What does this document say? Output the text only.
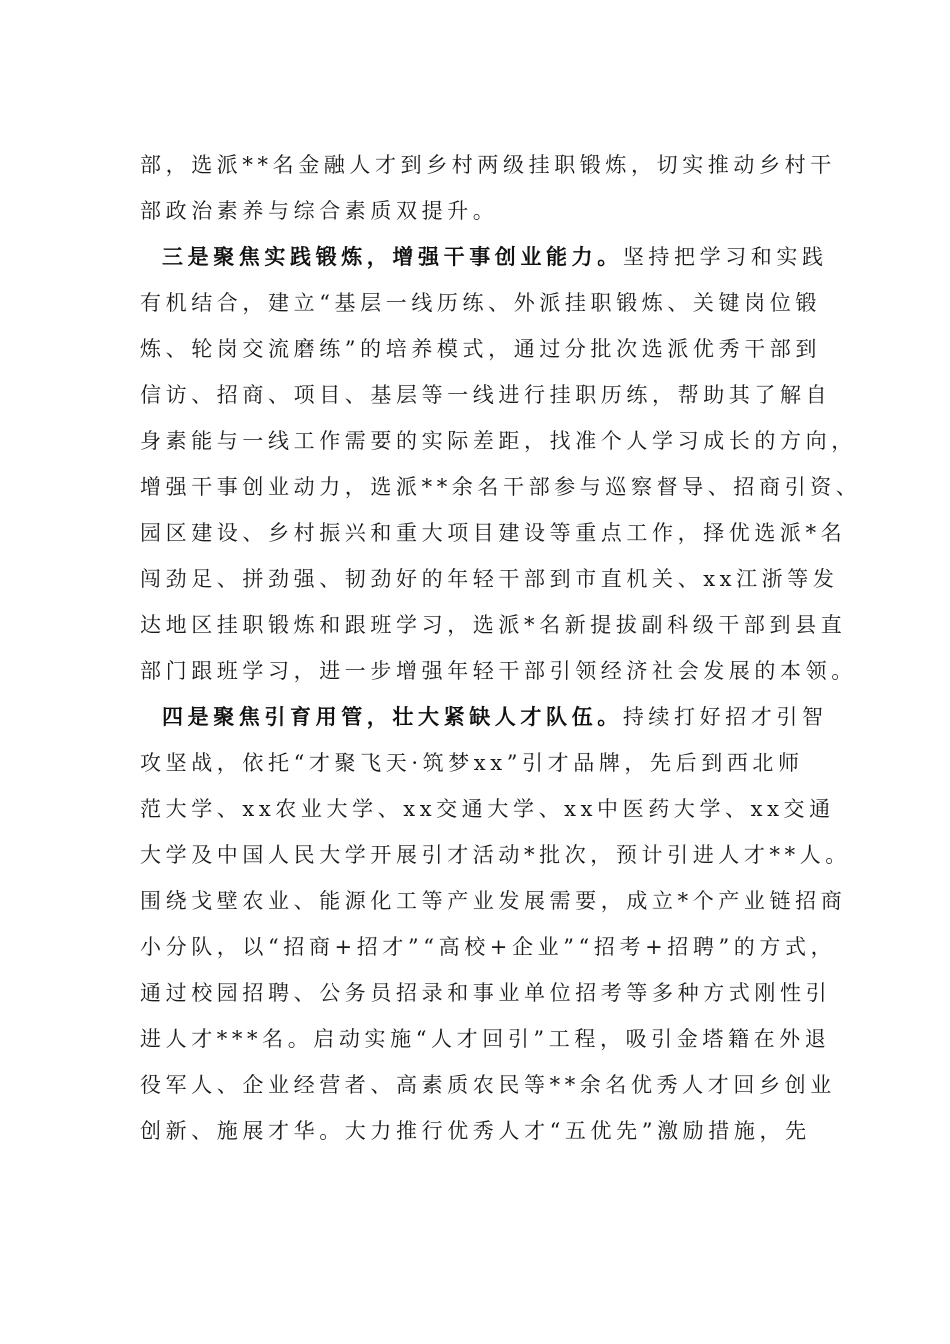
部，选派**名金融人才到乡村两级挂职锻炼，切实推动乡村干
部政治素养与综合素质双提升。
三是聚焦实践锻炼，增强干事创业能力。坚持把学习和实践
有机结合，建立“基层一线历练、外派挂职锻炼、关键岗位锻
炼、轮岗交流磨练”的培养模式，通过分批次选派优秀干部到
信访、招商、项目、基层等一线进行挂职历练，帮助其了解自
身素能与一线工作需要的实际差距，找准个人学习成长的方向，
增强干事创业动力，选派**余名干部参与巡察督导、招商引资、
园区建设、乡村振兴和重大项目建设等重点工作，择优选派*名
闯劲足、拼劲强、韧劲好的年轻干部到市直机关、xx江浙等发
达地区挂职锻炼和跟班学习，选派*名新提拔副科级干部到县直
部门跟班学习，进一步增强年轻干部引领经济社会发展的本领。
四是聚焦引育用管，壮大紧缺人才队伍。持续打好招才引智
攻坚战，依托“才聚飞天·筑梦xx”引才品牌，先后到西北师
范大学、xx农业大学、xx交通大学、xx中医药大学、xx交通
大学及中国人民大学开展引才活动*批次，预计引进人才**人。
围绕戈壁农业、能源化工等产业发展需要，成立*个产业链招商
小分队，以“招商+招才”“高校+企业”“招考+招聘”的方式，
通过校园招聘、公务员招录和事业单位招考等多种方式刚性引
进人才***名。启动实施“人才回引”工程，吸引金塔籍在外退
役军人、企业经营者、高素质农民等**余名优秀人才回乡创业
创新、施展才华。大力推行优秀人才“五优先”激励措施，先
